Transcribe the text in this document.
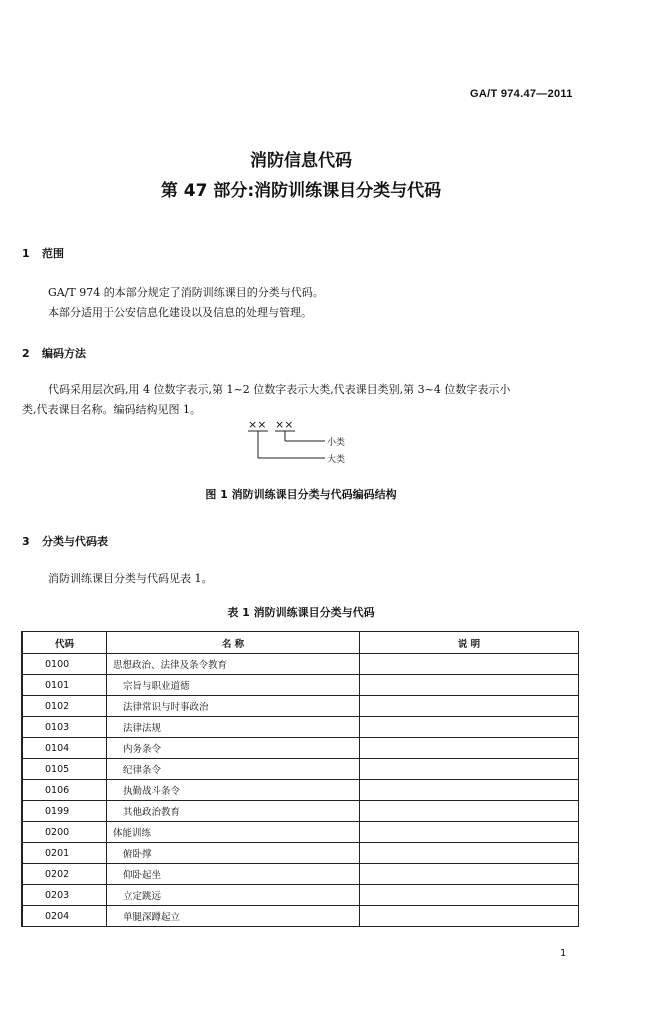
GA/T 974.47—2011
消防信息代码
第 47 部分:消防训练课目分类与代码
1 范围
GA/T 974 的本部分规定了消防训练课目的分类与代码。
本部分适用于公安信息化建设以及信息的处理与管理。
2 编码方法
代码采用层次码,用 4 位数字表示,第 1~2 位数字表示大类,代表课目类别,第 3~4 位数字表示小
类,代表课目名称。编码结构见图 1。
×× ××
小类
大类
图 1 消防训练课目分类与代码编码结构
3 分类与代码表
消防训练课目分类与代码见表 1。
表 1 消防训练课目分类与代码
代码	名 称	说 明
0100	思想政治、法律及条令教育	
0101	宗旨与职业道德	
0102	法律常识与时事政治	
0103	法律法规	
0104	内务条令	
0105	纪律条令	
0106	执勤战斗条令	
0199	其他政治教育	
0200	体能训练	
0201	俯卧撑	
0202	仰卧起坐	
0203	立定跳远	
0204	单腿深蹲起立	
1
